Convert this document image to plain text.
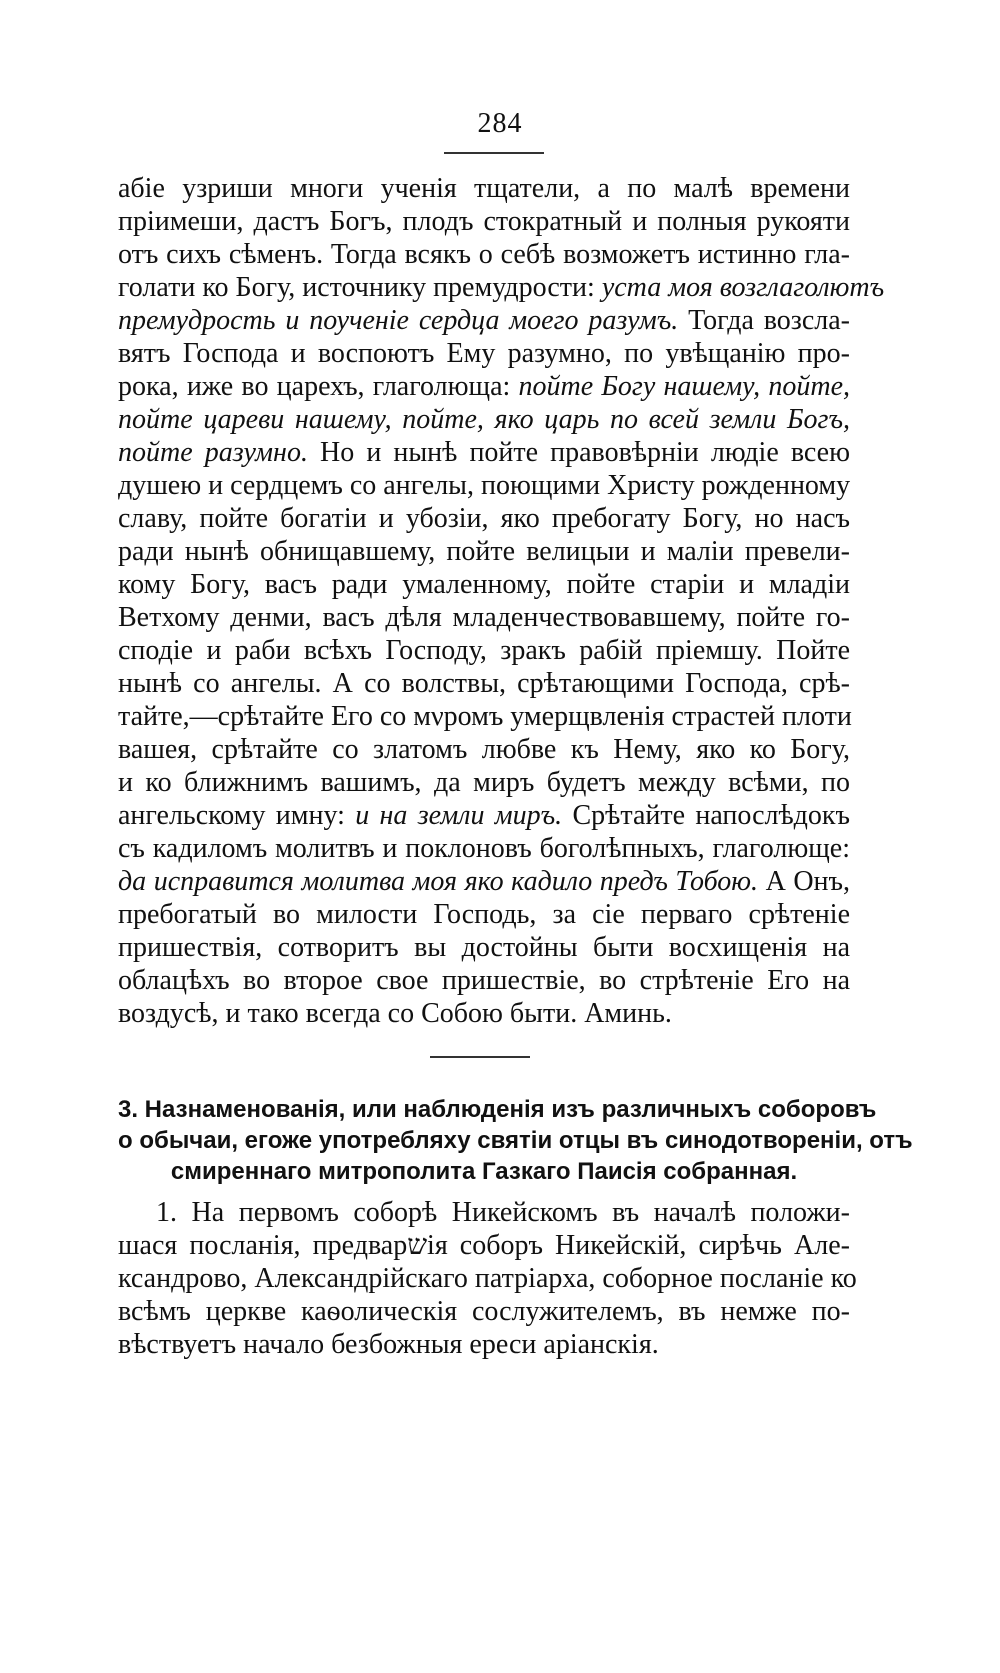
284
абіе узриши многи ученія тщатели, а по малѣ времени
пріимеши, дастъ Богъ, плодъ стократный и полныя рукояти
отъ сихъ сѣменъ. Тогда всякъ о себѣ возможетъ истинно гла-
голати ко Богу, источнику премудрости: уста моя возглаголютъ
премудрость и поученіе сердца моего разумъ. Тогда возсла-
вятъ Господа и воспоютъ Ему разумно, по увѣщанію про-
рока, иже во царехъ, глаголюща: пойте Богу нашему, пойте,
пойте цареви нашему, пойте, яко царь по всей земли Богъ,
пойте разумно. Но и нынѣ пойте правовѣрніи людіе всею
душею и сердцемъ со ангелы, поющими Христу рожденному
славу, пойте богатіи и убозіи, яко пребогату Богу, но насъ
ради нынѣ обнищавшему, пойте велицыи и маліи превели-
кому Богу, васъ ради умаленному, пойте старіи и младіи
Ветхому денми, васъ дѣля младенчествовавшему, пойте го-
сподіе и раби всѣхъ Господу, зракъ рабій пріемшу. Пойте
нынѣ со ангелы. А со волствы, срѣтающими Господа, срѣ-
тайте,—срѣтайте Его со мνромъ умерщвленія страстей плоти
вашея, срѣтайте со златомъ любве къ Нему, яко ко Богу,
и ко ближнимъ вашимъ, да миръ будетъ между всѣми, по
ангельскому имну: и на земли миръ. Срѣтайте напослѣдокъ
съ кадиломъ молитвъ и поклоновъ боголѣпныхъ, глаголюще:
да исправится молитва моя яко кадило предъ Тобою. А Онъ,
пребогатый во милости Господь, за сіе перваго срѣтеніе
пришествія, сотворитъ вы достойны быти восхищенія на
облацѣхъ во второе свое пришествіе, во стрѣтеніе Его на
воздусѣ, и тако всегда со Собою быти. Аминь.
3. Назнаменованія, или наблюденія изъ различныхъ соборовъ
о обычаи, егоже употребляху святіи отцы въ синодотвореніи, отъ
смиреннаго митрополита Газкаго Паисія собранная.
1. На первомъ соборѣ Никейскомъ въ началѣ положи-
шася посланія, предварשія соборъ Никейскій, сирѣчь Але-
ксандрово, Александрійскаго патріарха, соборное посланіе ко
всѣмъ церкве каѳолическія сослужителемъ, въ немже по-
вѣствуетъ начало безбожныя ереси аріанскія.
